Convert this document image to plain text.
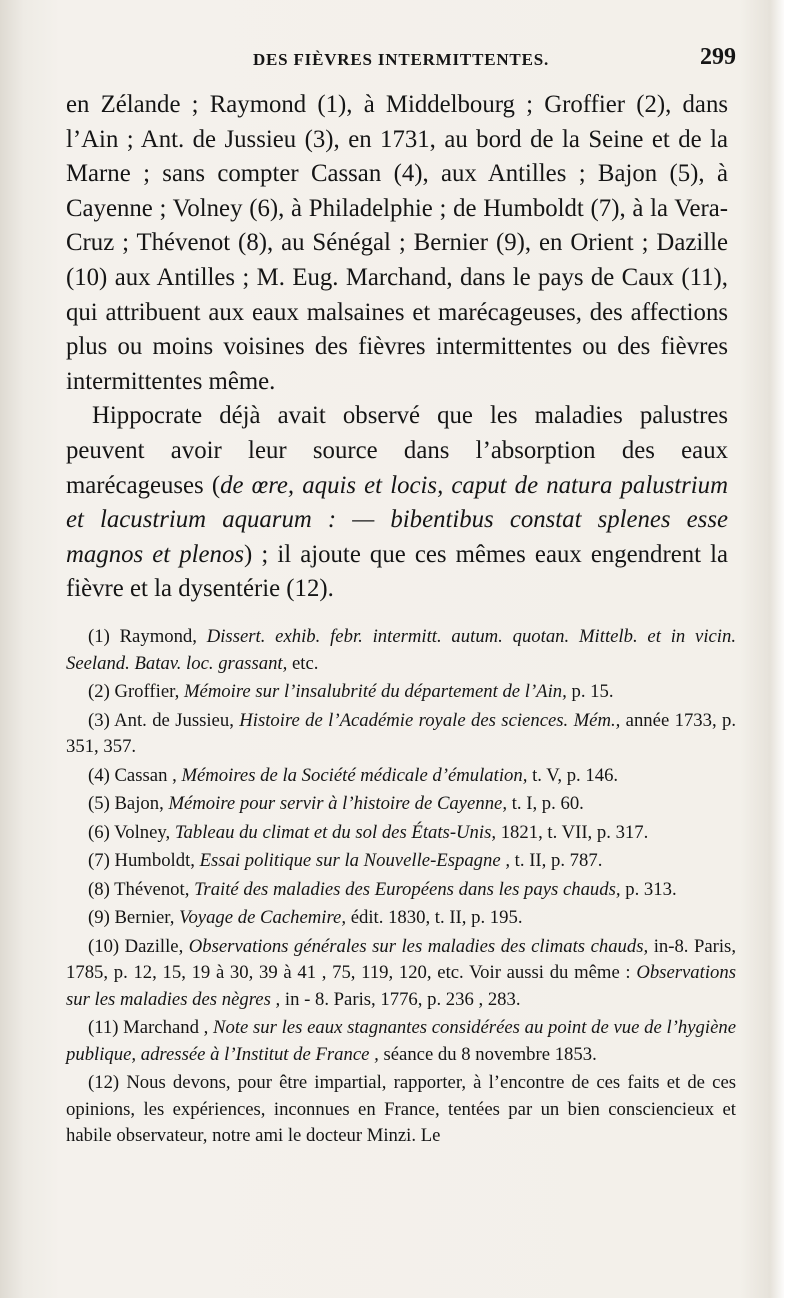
DES FIÈVRES INTERMITTENTES.	299

en Zélande ; Raymond (1), à Middelbourg ; Groffier (2), dans l’Ain ; Ant. de Jussieu (3), en 1731, au bord de la Seine et de la Marne ; sans compter Cassan (4), aux Antilles ; Bajon (5), à Cayenne ; Volney (6), à Philadelphie ; de Humboldt (7), à la Vera-Cruz ; Thévenot (8), au Sénégal ; Bernier (9), en Orient ; Dazille (10) aux Antilles ; M. Eug. Marchand, dans le pays de Caux (11), qui attribuent aux eaux malsaines et marécageuses, des affections plus ou moins voisines des fièvres intermittentes ou des fièvres intermittentes même.

Hippocrate déjà avait observé que les maladies palustres peuvent avoir leur source dans l’absorption des eaux marécageuses (de œre, aquis et locis, caput de natura palustrium et lacustrium aquarum : — bibentibus constat splenes esse magnos et plenos) ; il ajoute que ces mêmes eaux engendrent la fièvre et la dysentérie (12).

(1) Raymond, Dissert. exhib. febr. intermitt. autum. quotan. Mittelb. et in vicin. Seeland. Batav. loc. grassant, etc.

(2) Groffier, Mémoire sur l’insalubrité du département de l’Ain, p. 15.

(3) Ant. de Jussieu, Histoire de l’Académie royale des sciences. Mém., année 1733, p. 351, 357.

(4) Cassan , Mémoires de la Société médicale d’émulation, t. V, p. 146.

(5) Bajon, Mémoire pour servir à l’histoire de Cayenne, t. I, p. 60.

(6) Volney, Tableau du climat et du sol des États-Unis, 1821, t. VII, p. 317.

(7) Humboldt, Essai politique sur la Nouvelle-Espagne , t. II, p. 787.

(8) Thévenot, Traité des maladies des Européens dans les pays chauds, p. 313.

(9) Bernier, Voyage de Cachemire, édit. 1830, t. II, p. 195.

(10) Dazille, Observations générales sur les maladies des climats chauds, in-8. Paris, 1785, p. 12, 15, 19 à 30, 39 à 41 , 75, 119, 120, etc. Voir aussi du même : Observations sur les maladies des nègres , in - 8. Paris, 1776, p. 236 , 283.

(11) Marchand , Note sur les eaux stagnantes considérées au point de vue de l’hygiène publique, adressée à l’Institut de France , séance du 8 novembre 1853.

(12) Nous devons, pour être impartial, rapporter, à l’encontre de ces faits et de ces opinions, les expériences, inconnues en France, tentées par un bien consciencieux et habile observateur, notre ami le docteur Minzi. Le
